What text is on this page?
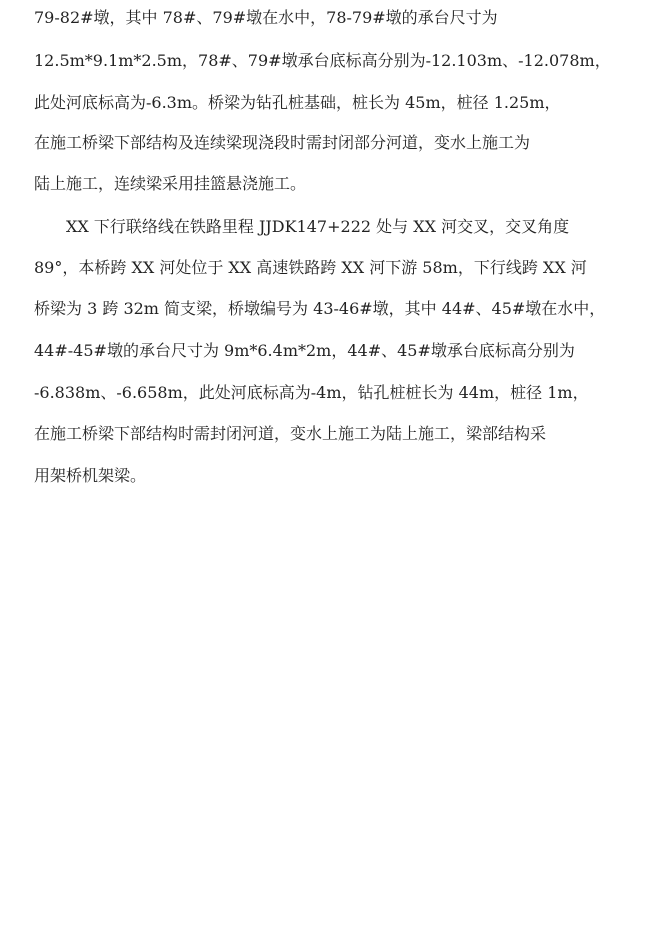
79-82#墩，其中 78#、79#墩在水中，78-79#墩的承台尺寸为
12.5m*9.1m*2.5m，78#、79#墩承台底标高分别为-12.103m、-12.078m，
此处河底标高为-6.3m。桥梁为钻孔桩基础，桩长为 45m，桩径 1.25m，
在施工桥梁下部结构及连续梁现浇段时需封闭部分河道，变水上施工为
陆上施工，连续梁采用挂篮悬浇施工。
XX 下行联络线在铁路里程 JJDK147+222 处与 XX 河交叉，交叉角度
89°，本桥跨 XX 河处位于 XX 高速铁路跨 XX 河下游 58m，下行线跨 XX 河
桥梁为 3 跨 32m 简支梁，桥墩编号为 43-46#墩，其中 44#、45#墩在水中，
44#-45#墩的承台尺寸为 9m*6.4m*2m，44#、45#墩承台底标高分别为
-6.838m、-6.658m，此处河底标高为-4m，钻孔桩桩长为 44m，桩径 1m，
在施工桥梁下部结构时需封闭河道，变水上施工为陆上施工，梁部结构采
用架桥机架梁。
